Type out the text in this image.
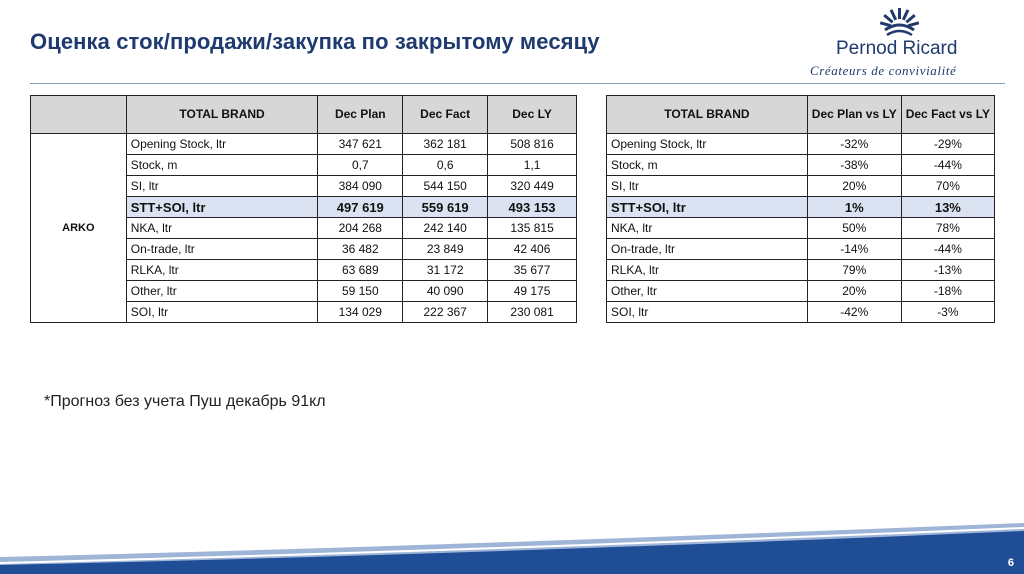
Оценка сток/продажи/закупка по закрытому месяцу	Pernod Ricard
Créateurs de convivialité
	TOTAL BRAND	Dec Plan	Dec Fact	Dec LY
ARKO	Opening Stock, ltr	347 621	362 181	508 816
	Stock, m	0,7	0,6	1,1
	SI, ltr	384 090	544 150	320 449
	STT+SOI, ltr	497 619	559 619	493 153
	NKA, ltr	204 268	242 140	135 815
	On-trade, ltr	36 482	23 849	42 406
	RLKA, ltr	63 689	31 172	35 677
	Other, ltr	59 150	40 090	49 175
	SOI, ltr	134 029	222 367	230 081
TOTAL BRAND	Dec Plan vs LY	Dec Fact vs LY
Opening Stock, ltr	-32%	-29%
Stock, m	-38%	-44%
SI, ltr	20%	70%
STT+SOI, ltr	1%	13%
NKA, ltr	50%	78%
On-trade, ltr	-14%	-44%
RLKA, ltr	79%	-13%
Other, ltr	20%	-18%
SOI, ltr	-42%	-3%
*Прогноз без учета Пуш декабрь 91кл
6
